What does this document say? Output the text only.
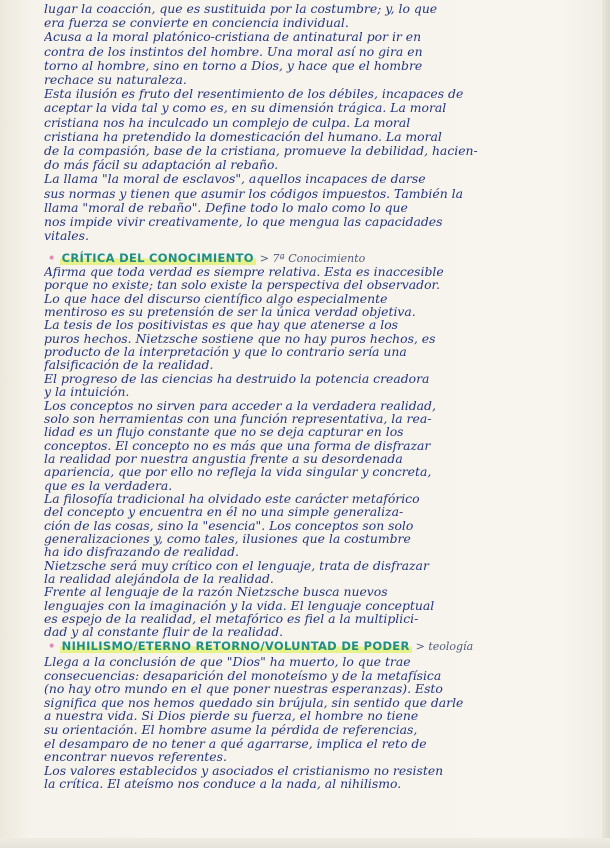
lugar la coacción, que es sustituida por la costumbre; y, lo que
era fuerza se convierte en conciencia individual.
Acusa a la moral platónico-cristiana de antinatural por ir en
contra de los instintos del hombre. Una moral así no gira en
torno al hombre, sino en torno a Dios, y hace que el hombre
rechace su naturaleza.
Esta ilusión es fruto del resentimiento de los débiles, incapaces de
aceptar la vida tal y como es, en su dimensión trágica. La moral
cristiana nos ha inculcado un complejo de culpa. La moral
cristiana ha pretendido la domesticación del humano. La moral
de la compasión, base de la cristiana, promueve la debilidad, hacien-
do más fácil su adaptación al rebaño.
La llama "la moral de esclavos", aquellos incapaces de darse
sus normas y tienen que asumir los códigos impuestos. También la
llama "moral de rebaño". Define todo lo malo como lo que
nos impide vivir creativamente, lo que mengua las capacidades
vitales.
• CRÍTICA DEL CONOCIMIENTO > 7ª Conocimiento
Afirma que toda verdad es siempre relativa. Esta es inaccesible
porque no existe; tan solo existe la perspectiva del observador.
Lo que hace del discurso científico algo especialmente
mentiroso es su pretensión de ser la única verdad objetiva.
La tesis de los positivistas es que hay que atenerse a los
puros hechos. Nietzsche sostiene que no hay puros hechos, es
producto de la interpretación y que lo contrario sería una
falsificación de la realidad.
El progreso de las ciencias ha destruido la potencia creadora
y la intuición.
Los conceptos no sirven para acceder a la verdadera realidad,
solo son herramientas con una función representativa, la rea-
lidad es un flujo constante que no se deja capturar en los
conceptos. El concepto no es más que una forma de disfrazar
la realidad por nuestra angustia frente a su desordenada
apariencia, que por ello no refleja la vida singular y concreta,
que es la verdadera.
La filosofía tradicional ha olvidado este carácter metafórico
del concepto y encuentra en él no una simple generaliza-
ción de las cosas, sino la "esencia". Los conceptos son solo
generalizaciones y, como tales, ilusiones que la costumbre
ha ido disfrazando de realidad.
Nietzsche será muy crítico con el lenguaje, trata de disfrazar
la realidad alejándola de la realidad.
Frente al lenguaje de la razón Nietzsche busca nuevos
lenguajes con la imaginación y la vida. El lenguaje conceptual
es espejo de la realidad, el metafórico es fiel a la multiplici-
dad y al constante fluir de la realidad.
• NIHILISMO/ETERNO RETORNO/VOLUNTAD DE PODER > teología
Llega a la conclusión de que "Dios" ha muerto, lo que trae
consecuencias: desaparición del monoteísmo y de la metafísica
(no hay otro mundo en el que poner nuestras esperanzas). Esto
significa que nos hemos quedado sin brújula, sin sentido que darle
a nuestra vida. Si Dios pierde su fuerza, el hombre no tiene
su orientación. El hombre asume la pérdida de referencias,
el desamparo de no tener a qué agarrarse, implica el reto de
encontrar nuevos referentes.
Los valores establecidos y asociados el cristianismo no resisten
la crítica. El ateísmo nos conduce a la nada, al nihilismo.
